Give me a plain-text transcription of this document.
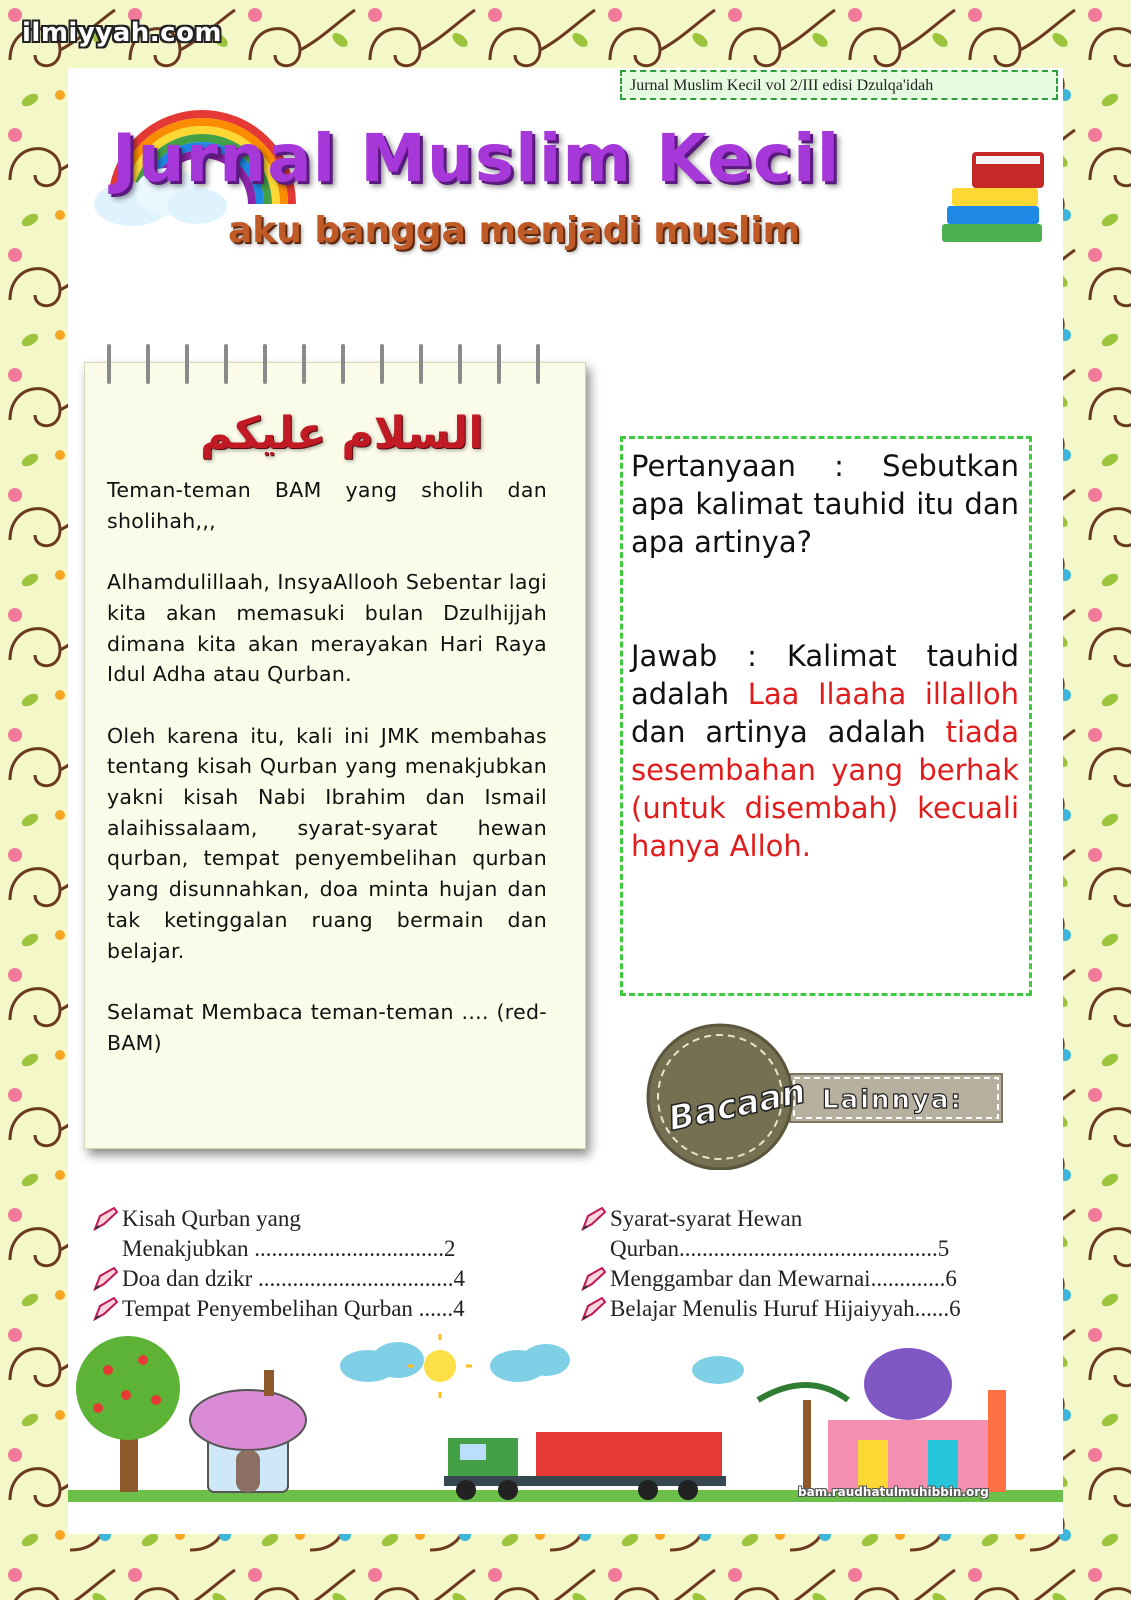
ilmiyyah.com
Jurnal Muslim Kecil vol 2/III edisi Dzulqa'idah
Jurnal Muslim Kecil
aku bangga menjadi muslim
السلام عليكم

Teman-teman BAM yang sholih dan sholihah,,,

Alhamdulillaah, InsyaAllooh Sebentar lagi kita akan memasuki bulan Dzulhijjah dimana kita akan merayakan Hari Raya Idul Adha atau Qurban.

Oleh karena itu, kali ini JMK membahas tentang kisah Qurban yang menakjubkan yakni kisah Nabi Ibrahim dan Ismail alaihissalaam, syarat-syarat hewan qurban, tempat penyembelihan qurban yang disunnahkan, doa minta hujan dan tak ketinggalan ruang bermain dan belajar.

Selamat Membaca teman-teman .... (red-BAM)

Pertanyaan : Sebutkan apa kalimat tauhid itu dan apa artinya?

Jawab : Kalimat tauhid adalah Laa Ilaaha illalloh dan artinya adalah tiada sesembahan yang berhak (untuk disembah) kecuali hanya Alloh.

Bacaan Lainnya:
Kisah Qurban yang
Menakjubkan .................................2
Doa dan dzikr ..................................4
Tempat Penyembelihan Qurban ......4
Syarat-syarat Hewan
Qurban.............................................5
Menggambar dan Mewarnai.............6
Belajar Menulis Huruf Hijaiyyah......6
bam.raudhatulmuhibbin.org
